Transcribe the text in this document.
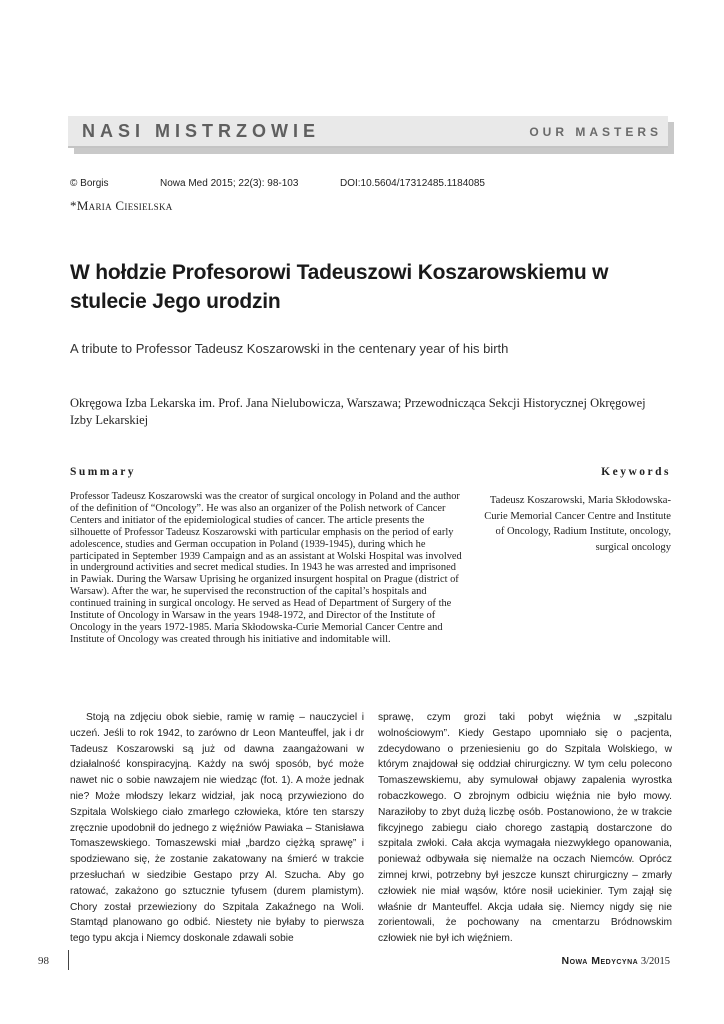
NASI MISTRZOWIE	OUR MASTERS
© Borgis	Nowa Med 2015; 22(3): 98-103	DOI:10.5604/17312485.1184085
*Maria Ciesielska
W hołdzie Profesorowi Tadeuszowi Koszarowskiemu w stulecie Jego urodzin
A tribute to Professor Tadeusz Koszarowski in the centenary year of his birth
Okręgowa Izba Lekarska im. Prof. Jana Nielubowicza, Warszawa; Przewodnicząca Sekcji Historycznej Okręgowej Izby Lekarskiej
Summary	Keywords

Professor Tadeusz Koszarowski was the creator of surgical oncology in Poland and the author of the definition of “Oncology”. He was also an organizer of the Polish network of Cancer Centers and initiator of the epidemiological studies of cancer. The article presents the silhouette of Professor Tadeusz Koszarowski with particular emphasis on the period of early adolescence, studies and German occupation in Poland (1939-1945), during which he participated in September 1939 Campaign and as an assistant at Wolski Hospital was involved in underground activities and secret medical studies. In 1943 he was arrested and imprisoned in Pawiak. During the Warsaw Uprising he organized insurgent hospital on Prague (district of Warsaw). After the war, he supervised the reconstruction of the capital’s hospitals and continued training in surgical oncology. He served as Head of Department of Surgery of the Institute of Oncology in Warsaw in the years 1948-1972, and Director of the Institute of Oncology in the years 1972-1985. Maria Skłodowska-Curie Memorial Cancer Centre and Institute of Oncology was created through his initiative and indomitable will.

Tadeusz Koszarowski, Maria Skłodowska-Curie Memorial Cancer Centre and Institute of Oncology, Radium Institute, oncology, surgical oncology

Stoją na zdjęciu obok siebie, ramię w ramię – nauczyciel i uczeń. Jeśli to rok 1942, to zarówno dr Leon Manteuffel, jak i dr Tadeusz Koszarowski są już od dawna zaangażowani w działalność konspiracyjną. Każdy na swój sposób, być może nawet nic o sobie nawzajem nie wiedząc (fot. 1). A może jednak nie? Może młodszy lekarz widział, jak nocą przywieziono do Szpitala Wolskiego ciało zmarłego człowieka, które ten starszy zręcznie upodobnił do jednego z więźniów Pawiaka – Stanisława Tomaszewskiego. Tomaszewski miał „bardzo ciężką sprawę” i spodziewano się, że zostanie zakatowany na śmierć w trakcie przesłuchań w siedzibie Gestapo przy Al. Szucha. Aby go ratować, zakażono go sztucznie tyfusem (durem plamistym). Chory został przewieziony do Szpitala Zakaźnego na Woli. Stamtąd planowano go odbić. Niestety nie byłaby to pierwsza tego typu akcja i Niemcy doskonale zdawali sobie

sprawę, czym grozi taki pobyt więźnia w „szpitalu wolnościowym”. Kiedy Gestapo upomniało się o pacjenta, zdecydowano o przeniesieniu go do Szpitala Wolskiego, w którym znajdował się oddział chirurgiczny. W tym celu polecono Tomaszewskiemu, aby symulował objawy zapalenia wyrostka robaczkowego. O zbrojnym odbiciu więźnia nie było mowy. Naraziłoby to zbyt dużą liczbę osób. Postanowiono, że w trakcie fikcyjnego zabiegu ciało chorego zastąpią dostarczone do szpitala zwłoki. Cała akcja wymagała niezwykłego opanowania, ponieważ odbywała się niemalże na oczach Niemców. Oprócz zimnej krwi, potrzebny był jeszcze kunszt chirurgiczny – zmarły człowiek nie miał wąsów, które nosił uciekinier. Tym zajął się właśnie dr Manteuffel. Akcja udała się. Niemcy nigdy się nie zorientowali, że pochowany na cmentarzu Bródnowskim człowiek nie był ich więźniem.

98	Nowa Medycyna 3/2015
